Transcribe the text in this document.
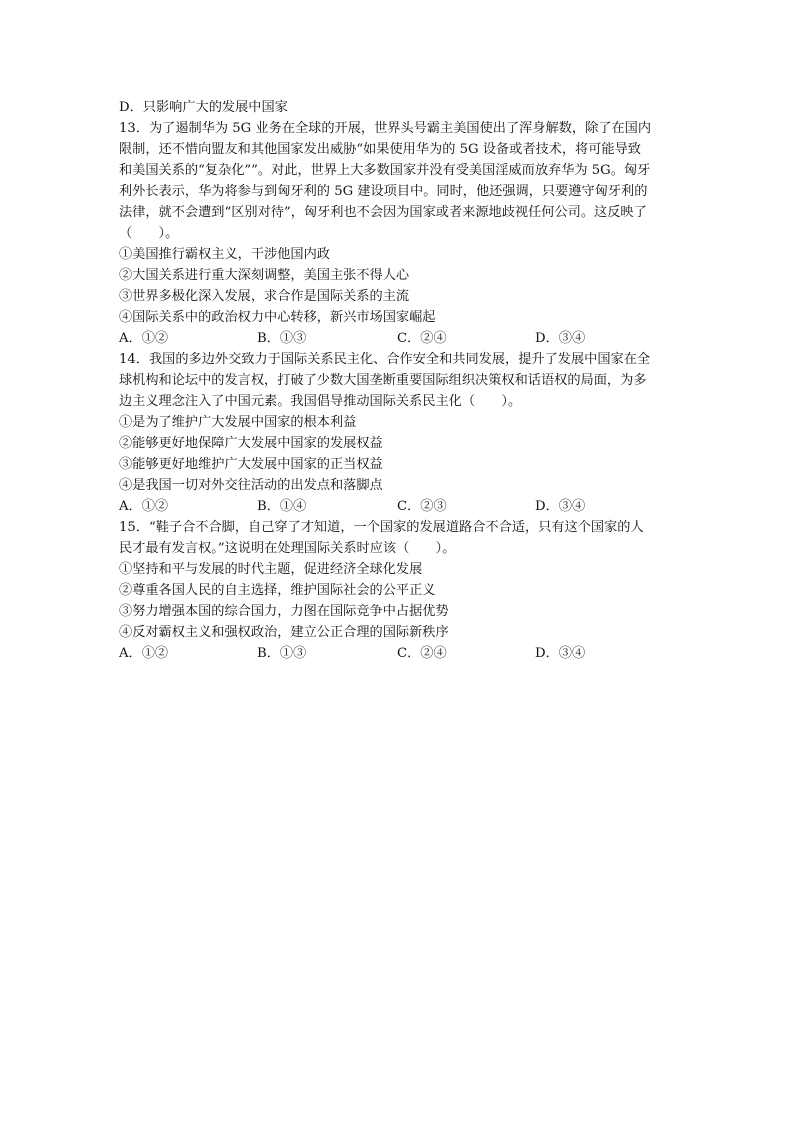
D．只影响广大的发展中国家
13．为了遏制华为 5G 业务在全球的开展，世界头号霸主美国使出了浑身解数，除了在国内
限制，还不惜向盟友和其他国家发出威胁“如果使用华为的 5G 设备或者技术，将可能导致
和美国关系的“复杂化””。对此，世界上大多数国家并没有受美国淫威而放弃华为 5G。匈牙
利外长表示，华为将参与到匈牙利的 5G 建设项目中。同时，他还强调，只要遵守匈牙利的
法律，就不会遭到“区别对待”，匈牙利也不会因为国家或者来源地歧视任何公司。这反映了
（　　）。
①美国推行霸权主义，干涉他国内政
②大国关系进行重大深刻调整，美国主张不得人心
③世界多极化深入发展，求合作是国际关系的主流
④国际关系中的政治权力中心转移，新兴市场国家崛起
A．①②	B．①③	C．②④	D．③④
14．我国的多边外交致力于国际关系民主化、合作安全和共同发展，提升了发展中国家在全
球机构和论坛中的发言权，打破了少数大国垄断重要国际组织决策权和话语权的局面，为多
边主义理念注入了中国元素。我国倡导推动国际关系民主化（　　）。
①是为了维护广大发展中国家的根本利益
②能够更好地保障广大发展中国家的发展权益
③能够更好地维护广大发展中国家的正当权益
④是我国一切对外交往活动的出发点和落脚点
A．①②	B．①④	C．②③	D．③④
15．“鞋子合不合脚，自己穿了才知道，一个国家的发展道路合不合适，只有这个国家的人
民才最有发言权。”这说明在处理国际关系时应该（　　）。
①坚持和平与发展的时代主题，促进经济全球化发展
②尊重各国人民的自主选择，维护国际社会的公平正义
③努力增强本国的综合国力，力图在国际竞争中占据优势
④反对霸权主义和强权政治，建立公正合理的国际新秩序
A．①②	B．①③	C．②④	D．③④
